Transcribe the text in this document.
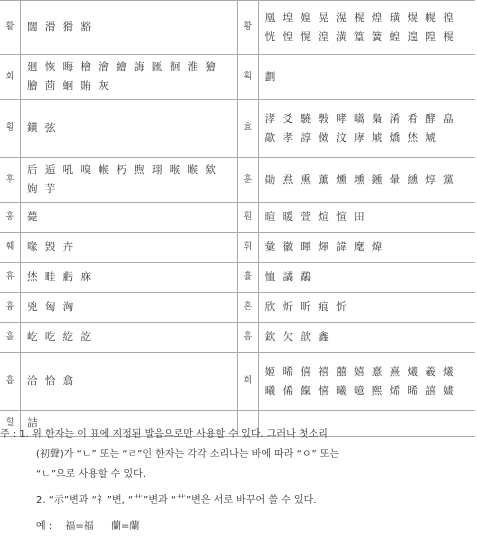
활	闊 滑 猾 豁	황	凰 堭 媓 晃 滉 榥 煌 璜 熀 幌 徨 恍 惶 愰 湟 潢 篁 簧 蝗 遑 隍 榥
회	廻 恢 晦 檜 澮 繪 誨 匯 徊 淮 獪 膾 茴 蛔 賄 灰	획	劃
횡	鐄 弦	효	涍 爻 驍 斅 哮 嚆 梟 淆 肴 酵 皛 歊 孝 諄 傚 汶 庨 虓 燆 烋 虓
후	后 逅 吼 嗅 帿 朽 煦 珝 喉 睺 欸 姁 芋	훈	勛 焄 熏 薰 燻 壎 鑂 暈 纁 焞 黨
훙	薨	훤	暄 暖 萱 煊 愃 田
훼	喙 毁 卉	휘	彙 徽 暉 煇 諱 麾 煒
휴	烋 畦 虧 庥	휼	恤 譎 鷸
흉	兇 匈 洶	흔	欣 炘 昕 痕 忻
흘	屹 吃 紇 訖	흠	欽 欠 歆 鑫
흡	洽 恰 翕	희	姬 晞 僖 禧 囍 嬉 憙 熹 爔 羲 爔 曦 俙 餼 憘 曦 噫 熙 烯 晞 譆 嫿
힐	詰		
주 : 1. 위 한자는 이 표에 지정된 발음으로만 사용할 수 있다. 그러나 첫소리
(初聲)가 “ㄴ” 또는 “ㄹ”인 한자는 각각 소리나는 바에 따라 “ㅇ” 또는
“ㄴ”으로 사용할 수 있다.
2. “示”변과 “礻”변, “艹”변과 “⺾”변은 서로 바꾸어 쓸 수 있다.
예 : 福=福 蘭=蘭
